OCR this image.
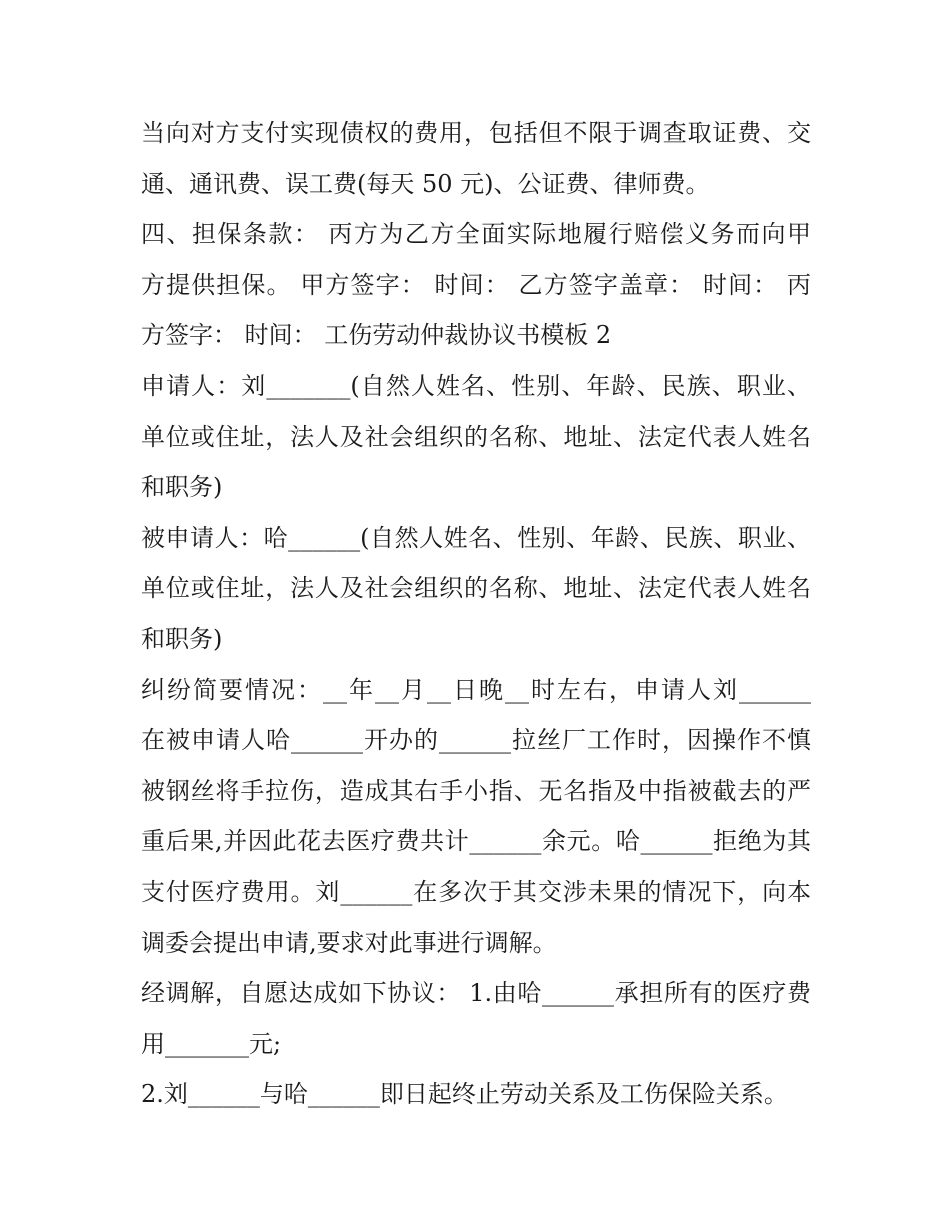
当向对方支付实现债权的费用，包括但不限于调查取证费、交
通、通讯费、误工费(每天 50 元)、公证费、律师费。
四、担保条款： 丙方为乙方全面实际地履行赔偿义务而向甲
方提供担保。 甲方签字： 时间： 乙方签字盖章： 时间： 丙
方签字： 时间： 工伤劳动仲裁协议书模板 2
申请人：刘_______(自然人姓名、性别、年龄、民族、职业、
单位或住址，法人及社会组织的名称、地址、法定代表人姓名
和职务)
被申请人：哈______(自然人姓名、性别、年龄、民族、职业、
单位或住址，法人及社会组织的名称、地址、法定代表人姓名
和职务)
纠纷简要情况：__年__月__日晚__时左右，申请人刘______
在被申请人哈______开办的______拉丝厂工作时，因操作不慎
被钢丝将手拉伤，造成其右手小指、无名指及中指被截去的严
重后果,并因此花去医疗费共计______余元。哈______拒绝为其
支付医疗费用。刘______在多次于其交涉未果的情况下，向本
调委会提出申请,要求对此事进行调解。
经调解，自愿达成如下协议： 1.由哈______承担所有的医疗费
用_______元;
2.刘______与哈______即日起终止劳动关系及工伤保险关系。
